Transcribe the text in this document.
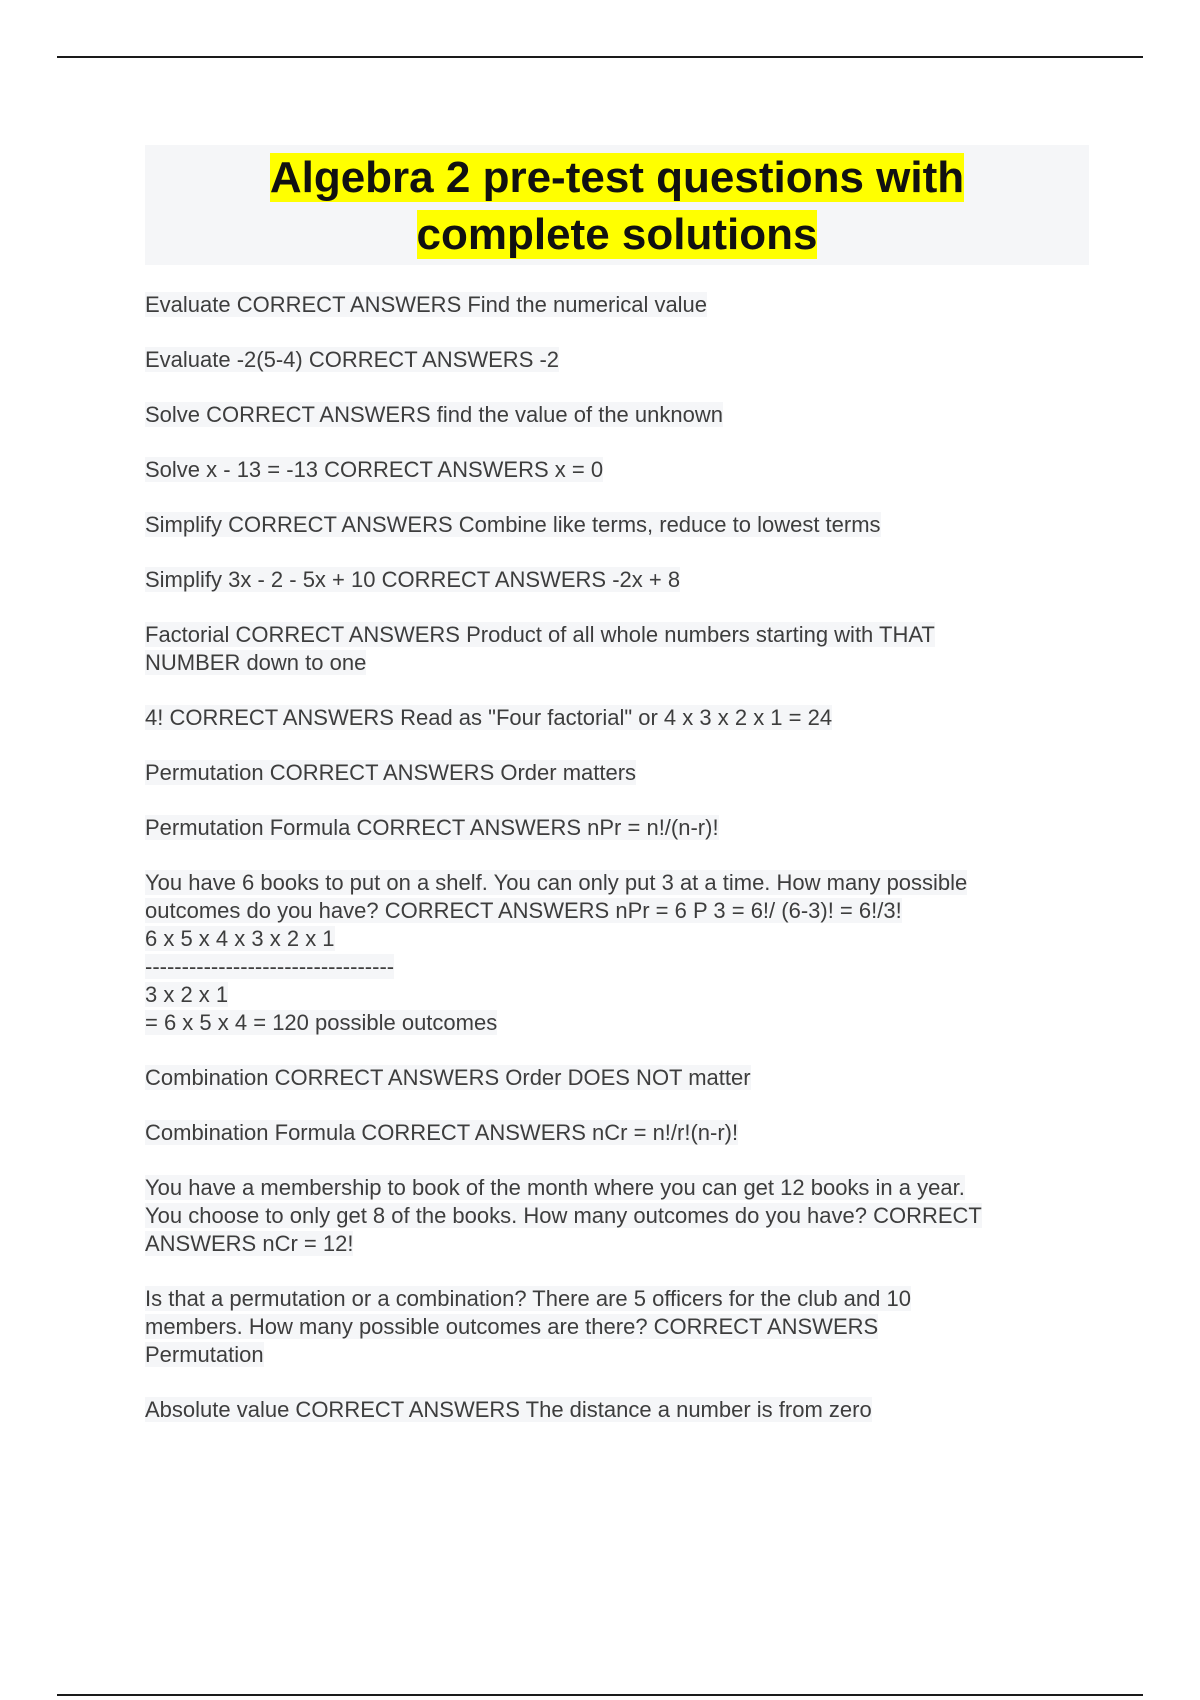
Algebra 2 pre-test questions with
complete solutions
Evaluate CORRECT ANSWERS Find the numerical value
Evaluate -2(5-4) CORRECT ANSWERS -2
Solve CORRECT ANSWERS find the value of the unknown
Solve x - 13 = -13 CORRECT ANSWERS x = 0
Simplify CORRECT ANSWERS Combine like terms, reduce to lowest terms
Simplify 3x - 2 - 5x + 10 CORRECT ANSWERS -2x + 8
Factorial CORRECT ANSWERS Product of all whole numbers starting with THAT
NUMBER down to one
4! CORRECT ANSWERS Read as "Four factorial" or 4 x 3 x 2 x 1 = 24
Permutation CORRECT ANSWERS Order matters
Permutation Formula CORRECT ANSWERS nPr = n!/(n-r)!
You have 6 books to put on a shelf. You can only put 3 at a time. How many possible
outcomes do you have? CORRECT ANSWERS nPr = 6 P 3 = 6!/ (6-3)! = 6!/3!
6 x 5 x 4 x 3 x 2 x 1
----------------------------------
3 x 2 x 1
= 6 x 5 x 4 = 120 possible outcomes
Combination CORRECT ANSWERS Order DOES NOT matter
Combination Formula CORRECT ANSWERS nCr = n!/r!(n-r)!
You have a membership to book of the month where you can get 12 books in a year.
You choose to only get 8 of the books. How many outcomes do you have? CORRECT
ANSWERS nCr = 12!
Is that a permutation or a combination? There are 5 officers for the club and 10
members. How many possible outcomes are there? CORRECT ANSWERS
Permutation
Absolute value CORRECT ANSWERS The distance a number is from zero
